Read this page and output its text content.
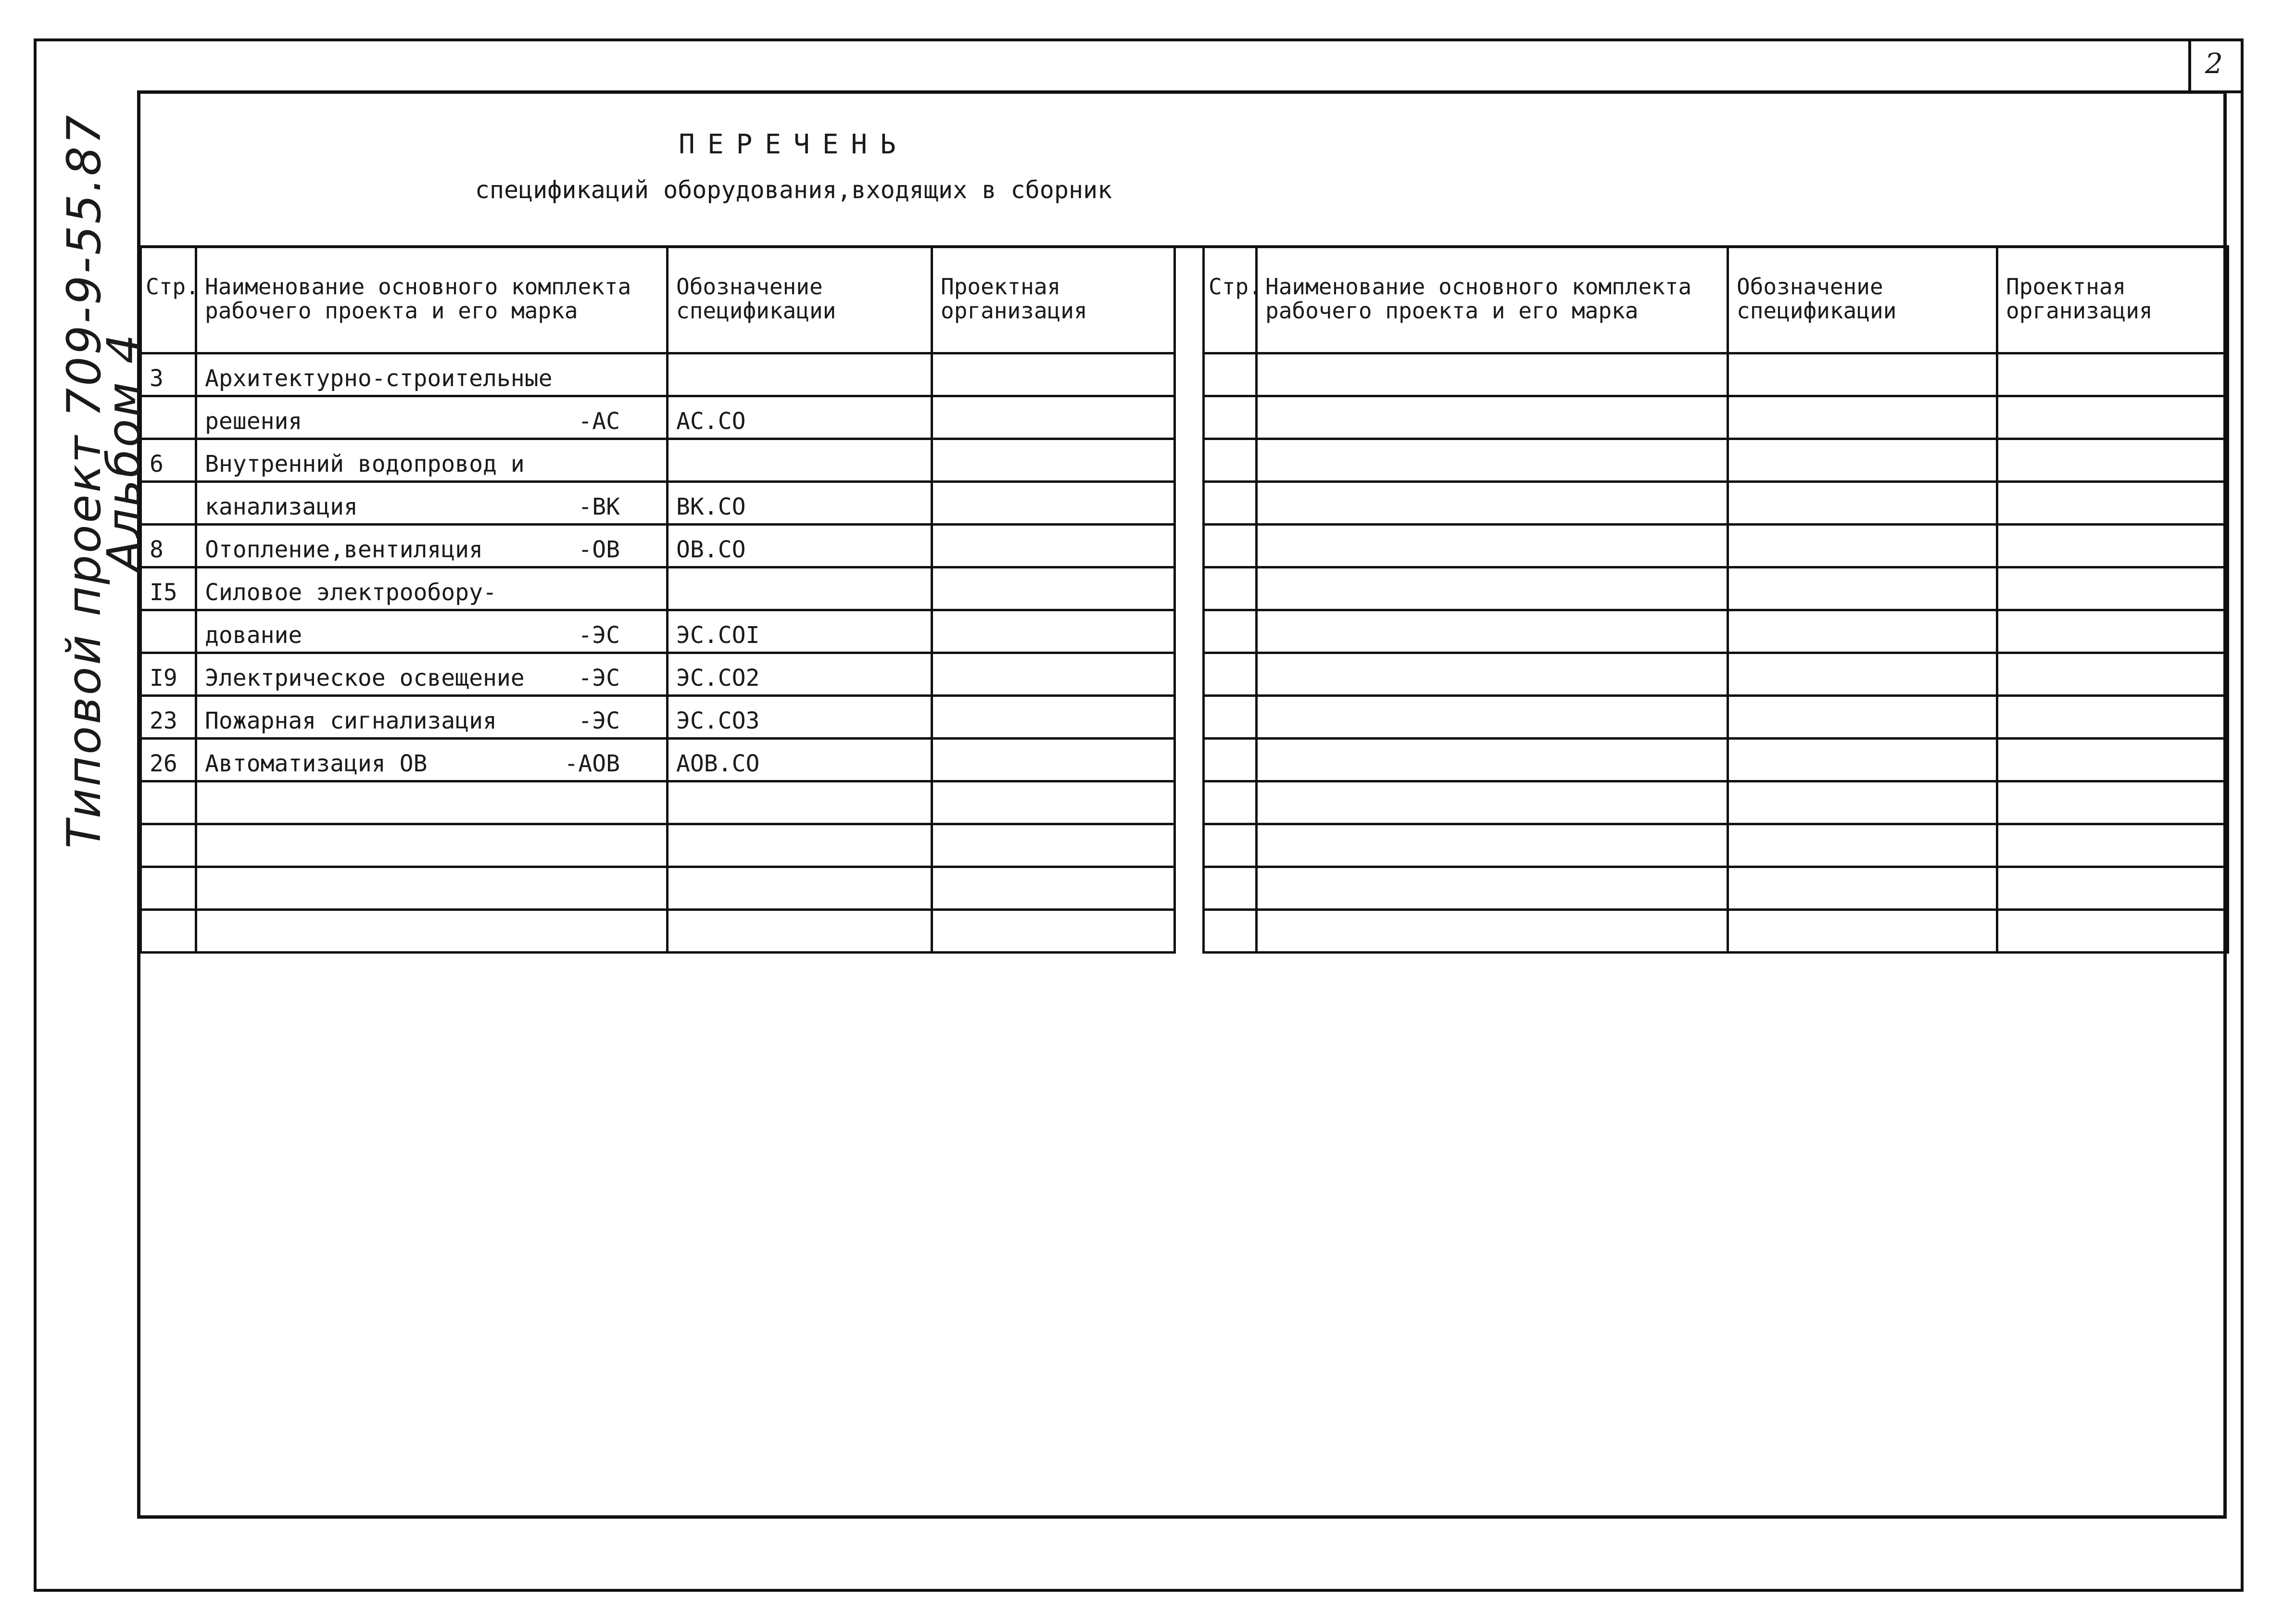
2
Типовой проект 709-9-55.87
Альбом 4
ПЕРЕЧЕНЬ
спецификаций оборудования,входящих в сборник
Стр.	Наименование основного комплекта рабочего проекта и его марка	Обозначение спецификации	Проектная организация
3	Архитектурно-строительные		

	решения -АС	АС.СО	
6	Внутренний водопровод и		

	канализация -ВК	ВК.СО	
8	Отопление,вентиляция -ОВ	ОВ.СО	
I5	Силовое электрообору-		

	дование -ЭС	ЭС.СОI	
I9	Электрическое освещение -ЭС	ЭС.СО2	
23	Пожарная сигнализация -ЭС	ЭС.СО3	
26	Автоматизация ОВ -АОВ	АОВ.СО	

Стр.	Наименование основного комплекта рабочего проекта и его марка	Обозначение спецификации	Проектная организация
